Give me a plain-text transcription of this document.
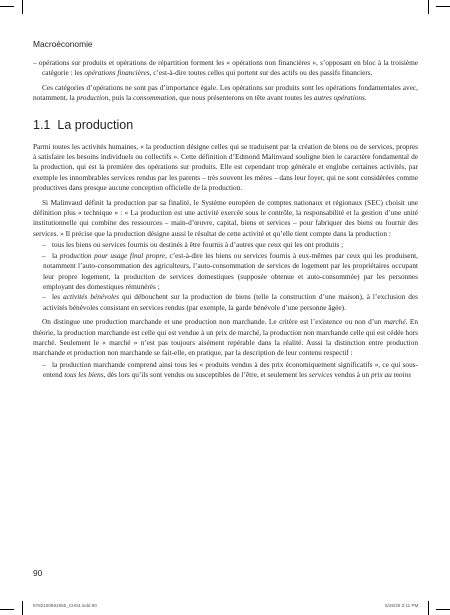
Macroéconomie

– opérations sur produits et opérations de répartition forment les « opérations non financières », s’opposant en bloc à la troisième catégorie : les opérations financières, c’est-à-dire toutes celles qui portent sur des actifs ou des passifs financiers.

Ces catégories d’opérations ne sont pas d’importance égale. Les opérations sur produits sont les opérations fondamentales avec, notamment, la production, puis la consommation, que nous présenterons en tête avant toutes les autres opérations.

1.1 La production

Parmi toutes les activités humaines, « la production désigne celles qui se traduisent par la création de biens ou de services, propres à satisfaire les besoins individuels ou collectifs ». Cette définition d’Edmond Malinvaud souligne bien le caractère fondamental de la production, qui est la première des opérations sur produits. Elle est cependant trop générale et englobe certaines activités, par exemple les innombrables services rendus par les parents – très souvent les mères – dans leur foyer, qui ne sont considérées comme productives dans presque aucune conception officielle de la production.

Si Malinvaud définit la production par sa finalité, le Système européen de comptes nationaux et régionaux (SEC) choisit une définition plus « technique » : « La production est une activité exercée sous le contrôle, la responsabilité et la gestion d’une unité institutionnelle qui combine des ressources – main-d’œuvre, capital, biens et services – pour fabriquer des biens ou fournir des services. » Il précise que la production désigne aussi le résultat de cette activité et qu’elle tient compte dans la production :

– tous les biens ou services fournis ou destinés à être fournis à d’autres que ceux qui les ont produits ;

– la production pour usage final propre, c’est-à-dire les biens ou services fournis à eux-mêmes par ceux qui les produisent, notamment l’auto-consommation des agriculteurs, l’auto-consommation de services de logement par les propriétaires occupant leur propre logement, la production de services domestiques (supposée obtenue et auto-consommée) par les personnes employant des domestiques rémunérés ;

– les activités bénévoles qui débouchent sur la production de biens (telle la construction d’une maison), à l’exclusion des activités bénévoles consistant en services rendus (par exemple, la garde bénévole d’une personne âgée).

On distingue une production marchande et une production non marchande. Le critère est l’existence ou non d’un marché. En théorie, la production marchande est celle qui est vendue à un prix de marché, la production non marchande celle qui est cédée hors marché. Seulement le « marché » n’est pas toujours aisément repérable dans la réalité. Aussi la distinction entre production marchande et production non marchande se fait-elle, en pratique, par la description de leur contenu respectif :

– la production marchande comprend ainsi tous les « produits vendus à des prix économiquement significatifs », ce qui sous-entend tous les biens, dès lors qu’ils sont vendus ou susceptibles de l’être, et seulement les services vendus à un prix au moins

90
9782100891955_CH04.indd 90	5/29/25 2:11 PM
